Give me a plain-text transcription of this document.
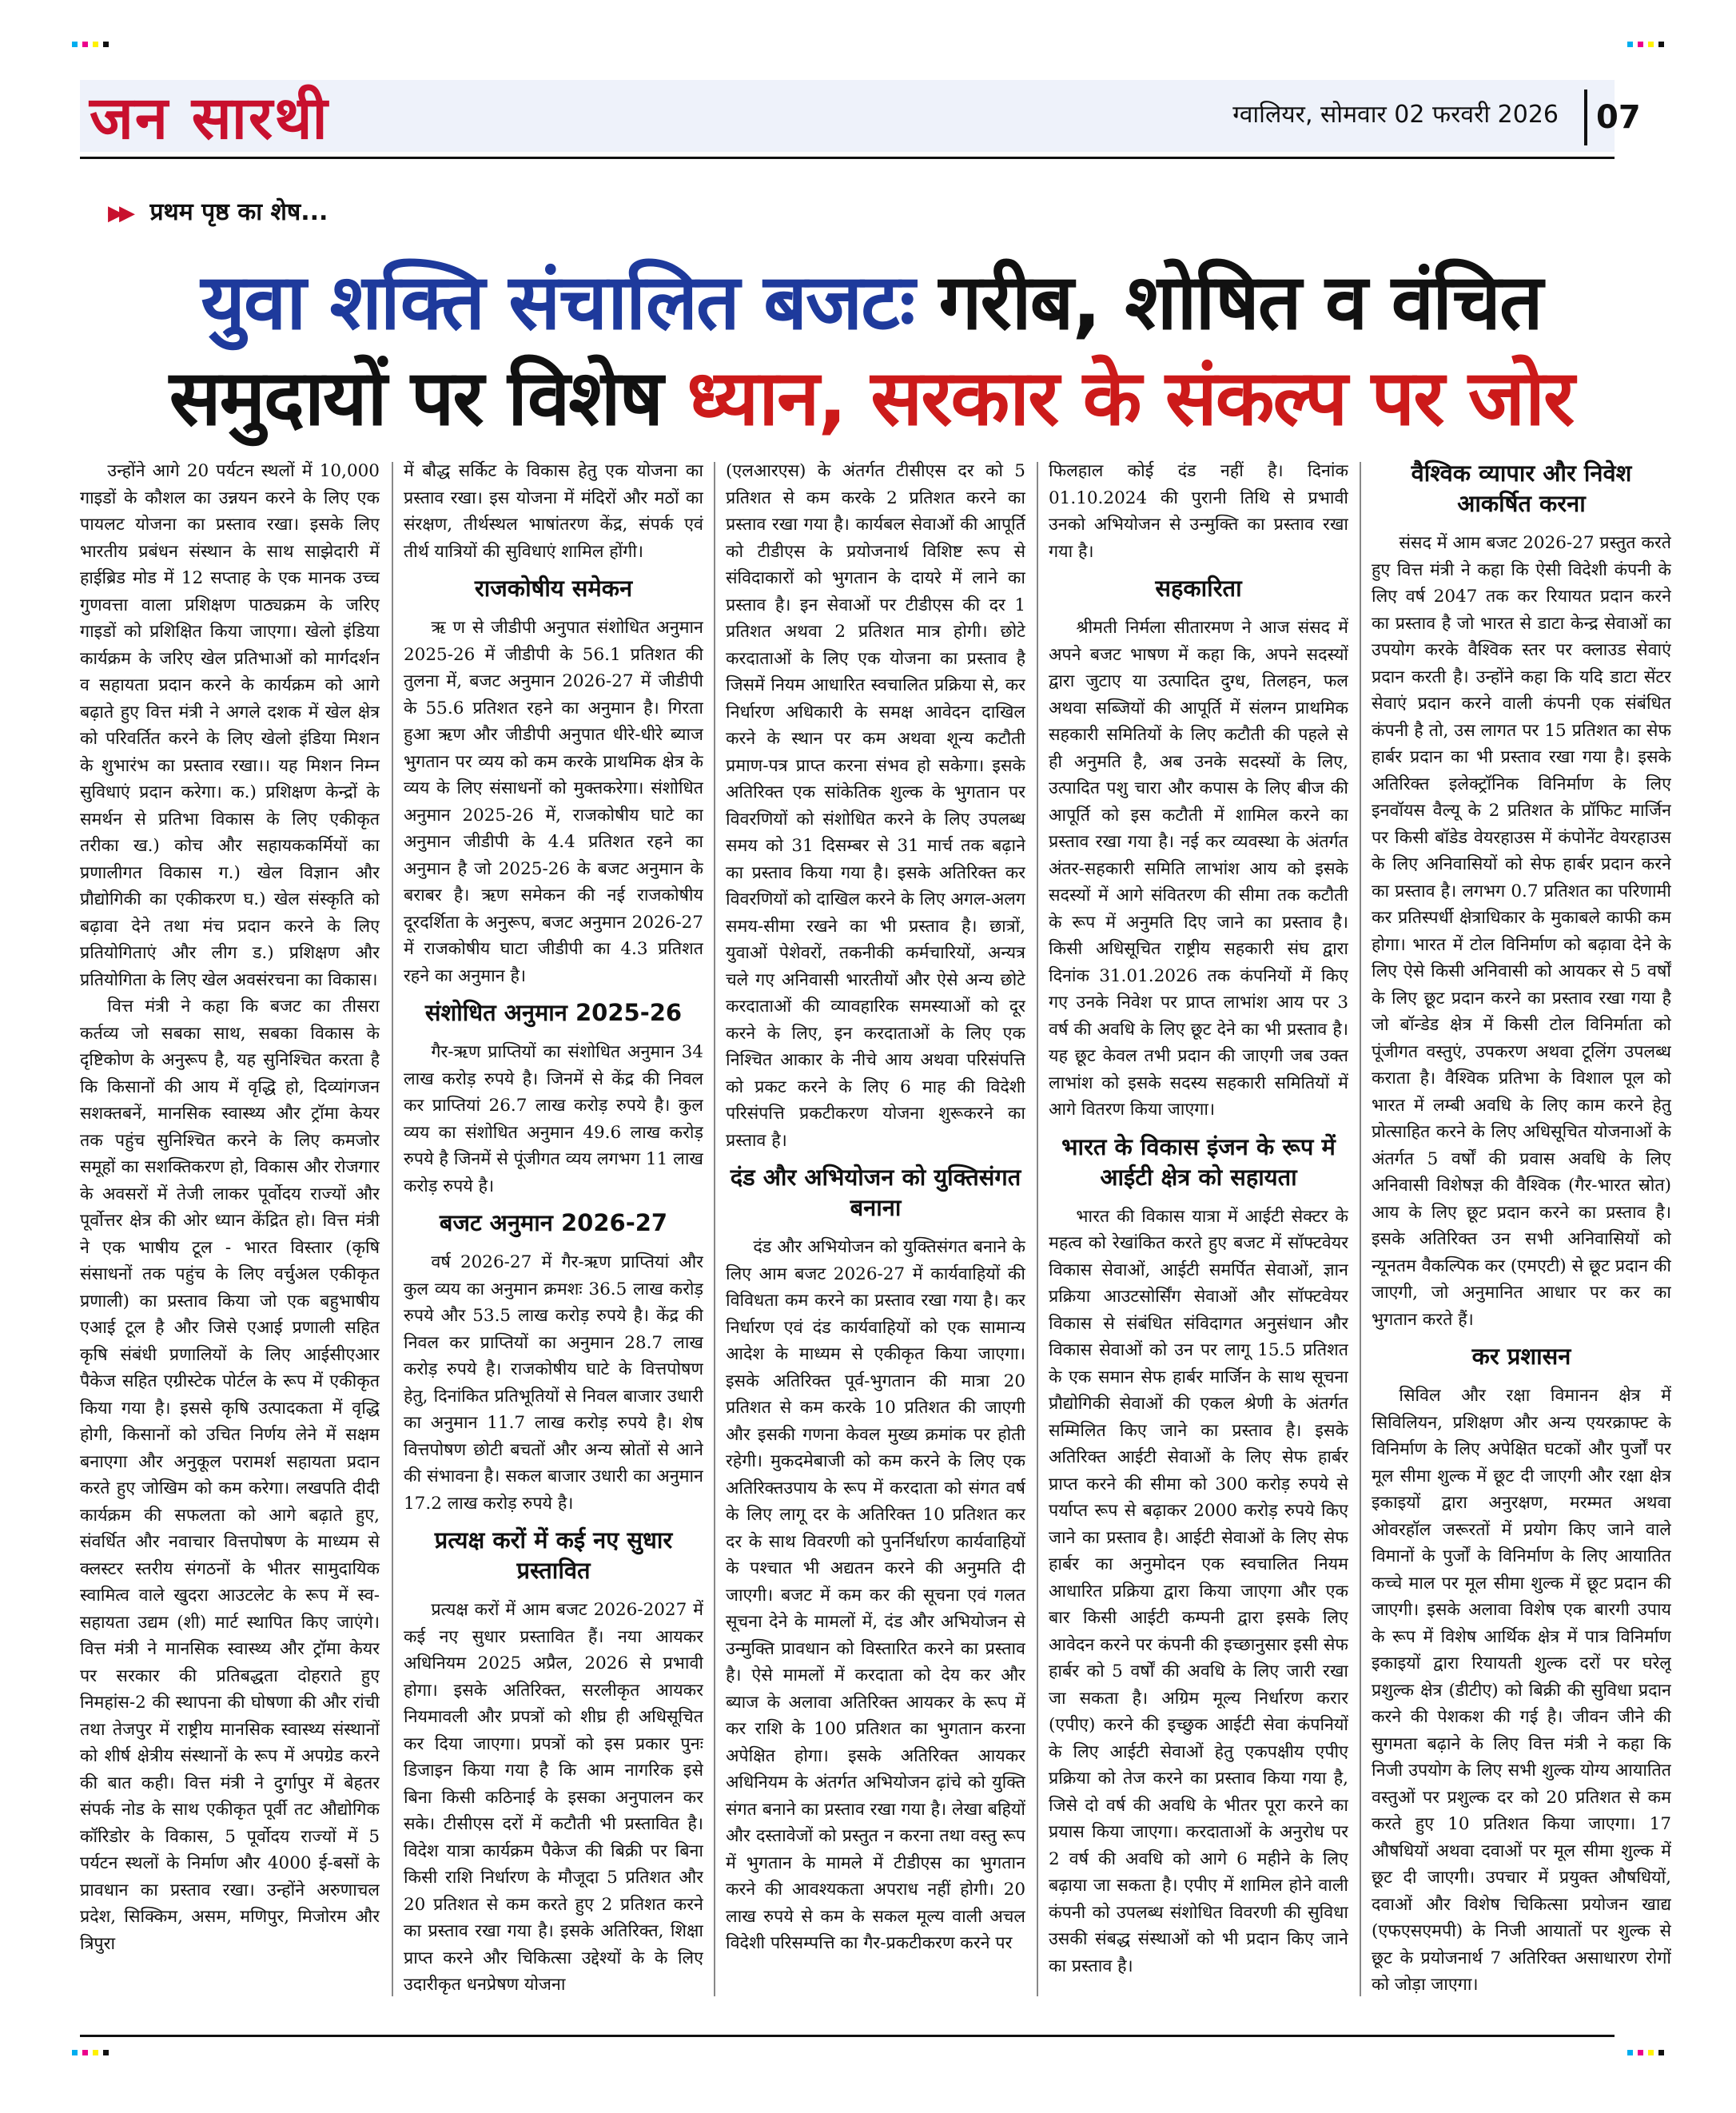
जन सारथी	ग्वालियर, सोमवार 02 फरवरी 2026 07
▶▶ प्रथम पृष्ठ का शेष...
युवा शक्ति संचालित बजटः गरीब, शोषित व वंचित
समुदायों पर विशेष ध्यान, सरकार के संकल्प पर जोर

उन्होंने आगे 20 पर्यटन स्थलों में 10,000 गाइडों के कौशल का उन्नयन करने के लिए एक पायलट योजना का प्रस्ताव रखा। इसके लिए भारतीय प्रबंधन संस्थान के साथ साझेदारी में हाईब्रिड मोड में 12 सप्ताह के एक मानक उच्च गुणवत्ता वाला प्रशिक्षण पाठ्यक्रम के जरिए गाइडों को प्रशिक्षित किया जाएगा। खेलो इंडिया कार्यक्रम के जरिए खेल प्रतिभाओं को मार्गदर्शन व सहायता प्रदान करने के कार्यक्रम को आगे बढ़ाते हुए वित्त मंत्री ने अगले दशक में खेल क्षेत्र को परिवर्तित करने के लिए खेलो इंडिया मिशन के शुभारंभ का प्रस्ताव रखा।। यह मिशन निम्न सुविधाएं प्रदान करेगा। क.) प्रशिक्षण केन्द्रों के समर्थन से प्रतिभा विकास के लिए एकीकृत तरीका ख.) कोच और सहायककर्मियों का प्रणालीगत विकास ग.) खेल विज्ञान और प्रौद्योगिकी का एकीकरण घ.) खेल संस्कृति को बढ़ावा देने तथा मंच प्रदान करने के लिए प्रतियोगिताएं और लीग ड.) प्रशिक्षण और प्रतियोगिता के लिए खेल अवसंरचना का विकास।

वित्त मंत्री ने कहा कि बजट का तीसरा कर्तव्य जो सबका साथ, सबका विकास के दृष्टिकोण के अनुरूप है, यह सुनिश्चित करता है कि किसानों की आय में वृद्धि हो, दिव्यांगजन सशक्तबनें, मानसिक स्वास्थ्य और ट्रॉमा केयर तक पहुंच सुनिश्चित करने के लिए कमजोर समूहों का सशक्तिकरण हो, विकास और रोजगार के अवसरों में तेजी लाकर पूर्वोदय राज्यों और पूर्वोत्तर क्षेत्र की ओर ध्यान केंद्रित हो। वित्त मंत्री ने एक भाषीय टूल - भारत विस्तार (कृषि संसाधनों तक पहुंच के लिए वर्चुअल एकीकृत प्रणाली) का प्रस्ताव किया जो एक बहुभाषीय एआई टूल है और जिसे एआई प्रणाली सहित कृषि संबंधी प्रणालियों के लिए आईसीएआर पैकेज सहित एग्रीस्टेक पोर्टल के रूप में एकीकृत किया गया है। इससे कृषि उत्पादकता में वृद्धि होगी, किसानों को उचित निर्णय लेने में सक्षम बनाएगा और अनुकूल परामर्श सहायता प्रदान करते हुए जोखिम को कम करेगा। लखपति दीदी कार्यक्रम की सफलता को आगे बढ़ाते हुए, संवर्धित और नवाचार वित्तपोषण के माध्यम से क्लस्टर स्तरीय संगठनों के भीतर सामुदायिक स्वामित्व वाले खुदरा आउटलेट के रूप में स्व-सहायता उद्यम (शी) मार्ट स्थापित किए जाएंगे। वित्त मंत्री ने मानसिक स्वास्थ्य और ट्रॉमा केयर पर सरकार की प्रतिबद्धता दोहराते हुए निमहांस-2 की स्थापना की घोषणा की और रांची तथा तेजपुर में राष्ट्रीय मानसिक स्वास्थ्य संस्थानों को शीर्ष क्षेत्रीय संस्थानों के रूप में अपग्रेड करने की बात कही। वित्त मंत्री ने दुर्गापुर में बेहतर संपर्क नोड के साथ एकीकृत पूर्वी तट औद्योगिक कॉरिडोर के विकास, 5 पूर्वोदय राज्यों में 5 पर्यटन स्थलों के निर्माण और 4000 ई-बसों के प्रावधान का प्रस्ताव रखा। उन्होंने अरुणाचल प्रदेश, सिक्किम, असम, मणिपुर, मिजोरम और त्रिपुरा

में बौद्ध सर्किट के विकास हेतु एक योजना का प्रस्ताव रखा। इस योजना में मंदिरों और मठों का संरक्षण, तीर्थस्थल भाषांतरण केंद्र, संपर्क एवं तीर्थ यात्रियों की सुविधाएं शामिल होंगी।

राजकोषीय समेकन

ऋ ण से जीडीपी अनुपात संशोधित अनुमान 2025-26 में जीडीपी के 56.1 प्रतिशत की तुलना में, बजट अनुमान 2026-27 में जीडीपी के 55.6 प्रतिशत रहने का अनुमान है। गिरता हुआ ऋण और जीडीपी अनुपात धीरे-धीरे ब्याज भुगतान पर व्यय को कम करके प्राथमिक क्षेत्र के व्यय के लिए संसाधनों को मुक्तकरेगा। संशोधित अनुमान 2025-26 में, राजकोषीय घाटे का अनुमान जीडीपी के 4.4 प्रतिशत रहने का अनुमान है जो 2025-26 के बजट अनुमान के बराबर है। ऋण समेकन की नई राजकोषीय दूरदर्शिता के अनुरूप, बजट अनुमान 2026-27 में राजकोषीय घाटा जीडीपी का 4.3 प्रतिशत रहने का अनुमान है।

संशोधित अनुमान 2025-26

गैर-ऋण प्राप्तियों का संशोधित अनुमान 34 लाख करोड़ रुपये है। जिनमें से केंद्र की निवल कर प्राप्तियां 26.7 लाख करोड़ रुपये है। कुल व्यय का संशोधित अनुमान 49.6 लाख करोड़ रुपये है जिनमें से पूंजीगत व्यय लगभग 11 लाख करोड़ रुपये है।

बजट अनुमान 2026-27

वर्ष 2026-27 में गैर-ऋण प्राप्तियां और कुल व्यय का अनुमान क्रमशः 36.5 लाख करोड़ रुपये और 53.5 लाख करोड़ रुपये है। केंद्र की निवल कर प्राप्तियों का अनुमान 28.7 लाख करोड़ रुपये है। राजकोषीय घाटे के वित्तपोषण हेतु, दिनांकित प्रतिभूतियों से निवल बाजार उधारी का अनुमान 11.7 लाख करोड़ रुपये है। शेष वित्तपोषण छोटी बचतों और अन्य स्रोतों से आने की संभावना है। सकल बाजार उधारी का अनुमान 17.2 लाख करोड़ रुपये है।

प्रत्यक्ष करों में कई नए सुधार प्रस्तावित

प्रत्यक्ष करों में आम बजट 2026-2027 में कई नए सुधार प्रस्तावित हैं। नया आयकर अधिनियम 2025 अप्रैल, 2026 से प्रभावी होगा। इसके अतिरिक्त, सरलीकृत आयकर नियमावली और प्रपत्रों को शीघ्र ही अधिसूचित कर दिया जाएगा। प्रपत्रों को इस प्रकार पुनः डिजाइन किया गया है कि आम नागरिक इसे बिना किसी कठिनाई के इसका अनुपालन कर सके। टीसीएस दरों में कटौती भी प्रस्तावित है। विदेश यात्रा कार्यक्रम पैकेज की बिक्री पर बिना किसी राशि निर्धारण के मौजूदा 5 प्रतिशत और 20 प्रतिशत से कम करते हुए 2 प्रतिशत करने का प्रस्ताव रखा गया है। इसके अतिरिक्त, शिक्षा प्राप्त करने और चिकित्सा उद्देश्यों के के लिए उदारीकृत धनप्रेषण योजना

(एलआरएस) के अंतर्गत टीसीएस दर को 5 प्रतिशत से कम करके 2 प्रतिशत करने का प्रस्ताव रखा गया है। कार्यबल सेवाओं की आपूर्ति को टीडीएस के प्रयोजनार्थ विशिष्ट रूप से संविदाकारों को भुगतान के दायरे में लाने का प्रस्ताव है। इन सेवाओं पर टीडीएस की दर 1 प्रतिशत अथवा 2 प्रतिशत मात्र होगी। छोटे करदाताओं के लिए एक योजना का प्रस्ताव है जिसमें नियम आधारित स्वचालित प्रक्रिया से, कर निर्धारण अधिकारी के समक्ष आवेदन दाखिल करने के स्थान पर कम अथवा शून्य कटौती प्रमाण-पत्र प्राप्त करना संभव हो सकेगा। इसके अतिरिक्त एक सांकेतिक शुल्क के भुगतान पर विवरणियों को संशोधित करने के लिए उपलब्ध समय को 31 दिसम्बर से 31 मार्च तक बढ़ाने का प्रस्ताव किया गया है। इसके अतिरिक्त कर विवरणियों को दाखिल करने के लिए अगल-अलग समय-सीमा रखने का भी प्रस्ताव है। छात्रों, युवाओं पेशेवरों, तकनीकी कर्मचारियों, अन्यत्र चले गए अनिवासी भारतीयों और ऐसे अन्य छोटे करदाताओं की व्यावहारिक समस्याओं को दूर करने के लिए, इन करदाताओं के लिए एक निश्चित आकार के नीचे आय अथवा परिसंपत्ति को प्रकट करने के लिए 6 माह की विदेशी परिसंपत्ति प्रकटीकरण योजना शुरूकरने का प्रस्ताव है।

दंड और अभियोजन को युक्तिसंगत बनाना

दंड और अभियोजन को युक्तिसंगत बनाने के लिए आम बजट 2026-27 में कार्यवाहियों की विविधता कम करने का प्रस्ताव रखा गया है। कर निर्धारण एवं दंड कार्यवाहियों को एक सामान्य आदेश के माध्यम से एकीकृत किया जाएगा। इसके अतिरिक्त पूर्व-भुगतान की मात्रा 20 प्रतिशत से कम करके 10 प्रतिशत की जाएगी और इसकी गणना केवल मुख्य क्रमांक पर होती रहेगी। मुकदमेबाजी को कम करने के लिए एक अतिरिक्तउपाय के रूप में करदाता को संगत वर्ष के लिए लागू दर के अतिरिक्त 10 प्रतिशत कर दर के साथ विवरणी को पुनर्निर्धारण कार्यवाहियों के पश्चात भी अद्यतन करने की अनुमति दी जाएगी। बजट में कम कर की सूचना एवं गलत सूचना देने के मामलों में, दंड और अभियोजन से उन्मुक्ति प्रावधान को विस्तारित करने का प्रस्ताव है। ऐसे मामलों में करदाता को देय कर और ब्याज के अलावा अतिरिक्त आयकर के रूप में कर राशि के 100 प्रतिशत का भुगतान करना अपेक्षित होगा। इसके अतिरिक्त आयकर अधिनियम के अंतर्गत अभियोजन ढ़ांचे को युक्ति संगत बनाने का प्रस्ताव रखा गया है। लेखा बहियों और दस्तावेजों को प्रस्तुत न करना तथा वस्तु रूप में भुगतान के मामले में टीडीएस का भुगतान करने की आवश्यकता अपराध नहीं होगी। 20 लाख रुपये से कम के सकल मूल्य वाली अचल विदेशी परिसम्पत्ति का गैर-प्रकटीकरण करने पर

फिलहाल कोई दंड नहीं है। दिनांक 01.10.2024 की पुरानी तिथि से प्रभावी उनको अभियोजन से उन्मुक्ति का प्रस्ताव रखा गया है।

सहकारिता

श्रीमती निर्मला सीतारमण ने आज संसद में अपने बजट भाषण में कहा कि, अपने सदस्यों द्वारा जुटाए या उत्पादित दुग्ध, तिलहन, फल अथवा सब्जियों की आपूर्ति में संलग्न प्राथमिक सहकारी समितियों के लिए कटौती की पहले से ही अनुमति है, अब उनके सदस्यों के लिए, उत्पादित पशु चारा और कपास के लिए बीज की आपूर्ति को इस कटौती में शामिल करने का प्रस्ताव रखा गया है। नई कर व्यवस्था के अंतर्गत अंतर-सहकारी समिति लाभांश आय को इसके सदस्यों में आगे संवितरण की सीमा तक कटौती के रूप में अनुमति दिए जाने का प्रस्ताव है। किसी अधिसूचित राष्ट्रीय सहकारी संघ द्वारा दिनांक 31.01.2026 तक कंपनियों में किए गए उनके निवेश पर प्राप्त लाभांश आय पर 3 वर्ष की अवधि के लिए छूट देने का भी प्रस्ताव है। यह छूट केवल तभी प्रदान की जाएगी जब उक्त लाभांश को इसके सदस्य सहकारी समितियों में आगे वितरण किया जाएगा।

भारत के विकास इंजन के रूप में आईटी क्षेत्र को सहायता

भारत की विकास यात्रा में आईटी सेक्टर के महत्व को रेखांकित करते हुए बजट में सॉफ्टवेयर विकास सेवाओं, आईटी समर्पित सेवाओं, ज्ञान प्रक्रिया आउटसोर्सिंग सेवाओं और सॉफ्टवेयर विकास से संबंधित संविदागत अनुसंधान और विकास सेवाओं को उन पर लागू 15.5 प्रतिशत के एक समान सेफ हार्बर मार्जिन के साथ सूचना प्रौद्योगिकी सेवाओं की एकल श्रेणी के अंतर्गत सम्मिलित किए जाने का प्रस्ताव है। इसके अतिरिक्त आईटी सेवाओं के लिए सेफ हार्बर प्राप्त करने की सीमा को 300 करोड़ रुपये से पर्याप्त रूप से बढ़ाकर 2000 करोड़ रुपये किए जाने का प्रस्ताव है। आईटी सेवाओं के लिए सेफ हार्बर का अनुमोदन एक स्वचालित नियम आधारित प्रक्रिया द्वारा किया जाएगा और एक बार किसी आईटी कम्पनी द्वारा इसके लिए आवेदन करने पर कंपनी की इच्छानुसार इसी सेफ हार्बर को 5 वर्षों की अवधि के लिए जारी रखा जा सकता है। अग्रिम मूल्य निर्धारण करार (एपीए) करने की इच्छुक आईटी सेवा कंपनियों के लिए आईटी सेवाओं हेतु एकपक्षीय एपीए प्रक्रिया को तेज करने का प्रस्ताव किया गया है, जिसे दो वर्ष की अवधि के भीतर पूरा करने का प्रयास किया जाएगा। करदाताओं के अनुरोध पर 2 वर्ष की अवधि को आगे 6 महीने के लिए बढ़ाया जा सकता है। एपीए में शामिल होने वाली कंपनी को उपलब्ध संशोधित विवरणी की सुविधा उसकी संबद्ध संस्थाओं को भी प्रदान किए जाने का प्रस्ताव है।

वैश्विक व्यापार और निवेश आकर्षित करना

संसद में आम बजट 2026-27 प्रस्तुत करते हुए वित्त मंत्री ने कहा कि ऐसी विदेशी कंपनी के लिए वर्ष 2047 तक कर रियायत प्रदान करने का प्रस्ताव है जो भारत से डाटा केन्द्र सेवाओं का उपयोग करके वैश्विक स्तर पर क्लाउड सेवाएं प्रदान करती है। उन्होंने कहा कि यदि डाटा सेंटर सेवाएं प्रदान करने वाली कंपनी एक संबंधित कंपनी है तो, उस लागत पर 15 प्रतिशत का सेफ हार्बर प्रदान का भी प्रस्ताव रखा गया है। इसके अतिरिक्त इलेक्ट्रॉनिक विनिर्माण के लिए इनवॉयस वैल्यू के 2 प्रतिशत के प्रॉफिट मार्जिन पर किसी बॉडेड वेयरहाउस में कंपोनेंट वेयरहाउस के लिए अनिवासियों को सेफ हार्बर प्रदान करने का प्रस्ताव है। लगभग 0.7 प्रतिशत का परिणामी कर प्रतिस्पर्धी क्षेत्राधिकार के मुकाबले काफी कम होगा। भारत में टोल विनिर्माण को बढ़ावा देने के लिए ऐसे किसी अनिवासी को आयकर से 5 वर्षों के लिए छूट प्रदान करने का प्रस्ताव रखा गया है जो बॉन्डेड क्षेत्र में किसी टोल विनिर्माता को पूंजीगत वस्तुएं, उपकरण अथवा टूलिंग उपलब्ध कराता है। वैश्विक प्रतिभा के विशाल पूल को भारत में लम्बी अवधि के लिए काम करने हेतु प्रोत्साहित करने के लिए अधिसूचित योजनाओं के अंतर्गत 5 वर्षों की प्रवास अवधि के लिए अनिवासी विशेषज्ञ की वैश्विक (गैर-भारत स्रोत) आय के लिए छूट प्रदान करने का प्रस्ताव है। इसके अतिरिक्त उन सभी अनिवासियों को न्यूनतम वैकल्पिक कर (एमएटी) से छूट प्रदान की जाएगी, जो अनुमानित आधार पर कर का भुगतान करते हैं।

कर प्रशासन

सिविल और रक्षा विमानन क्षेत्र में सिविलियन, प्रशिक्षण और अन्य एयरक्राफ्ट के विनिर्माण के लिए अपेक्षित घटकों और पुर्जों पर मूल सीमा शुल्क में छूट दी जाएगी और रक्षा क्षेत्र इकाइयों द्वारा अनुरक्षण, मरम्मत अथवा ओवरहॉल जरूरतों में प्रयोग किए जाने वाले विमानों के पुर्जों के विनिर्माण के लिए आयातित कच्चे माल पर मूल सीमा शुल्क में छूट प्रदान की जाएगी। इसके अलावा विशेष एक बारगी उपाय के रूप में विशेष आर्थिक क्षेत्र में पात्र विनिर्माण इकाइयों द्वारा रियायती शुल्क दरों पर घरेलू प्रशुल्क क्षेत्र (डीटीए) को बिक्री की सुविधा प्रदान करने की पेशकश की गई है। जीवन जीने की सुगमता बढ़ाने के लिए वित्त मंत्री ने कहा कि निजी उपयोग के लिए सभी शुल्क योग्य आयातित वस्तुओं पर प्रशुल्क दर को 20 प्रतिशत से कम करते हुए 10 प्रतिशत किया जाएगा। 17 औषधियों अथवा दवाओं पर मूल सीमा शुल्क में छूट दी जाएगी। उपचार में प्रयुक्त औषधियों, दवाओं और विशेष चिकित्सा प्रयोजन खाद्य (एफएसएमपी) के निजी आयातों पर शुल्क से छूट के प्रयोजनार्थ 7 अतिरिक्त असाधारण रोगों को जोड़ा जाएगा।
